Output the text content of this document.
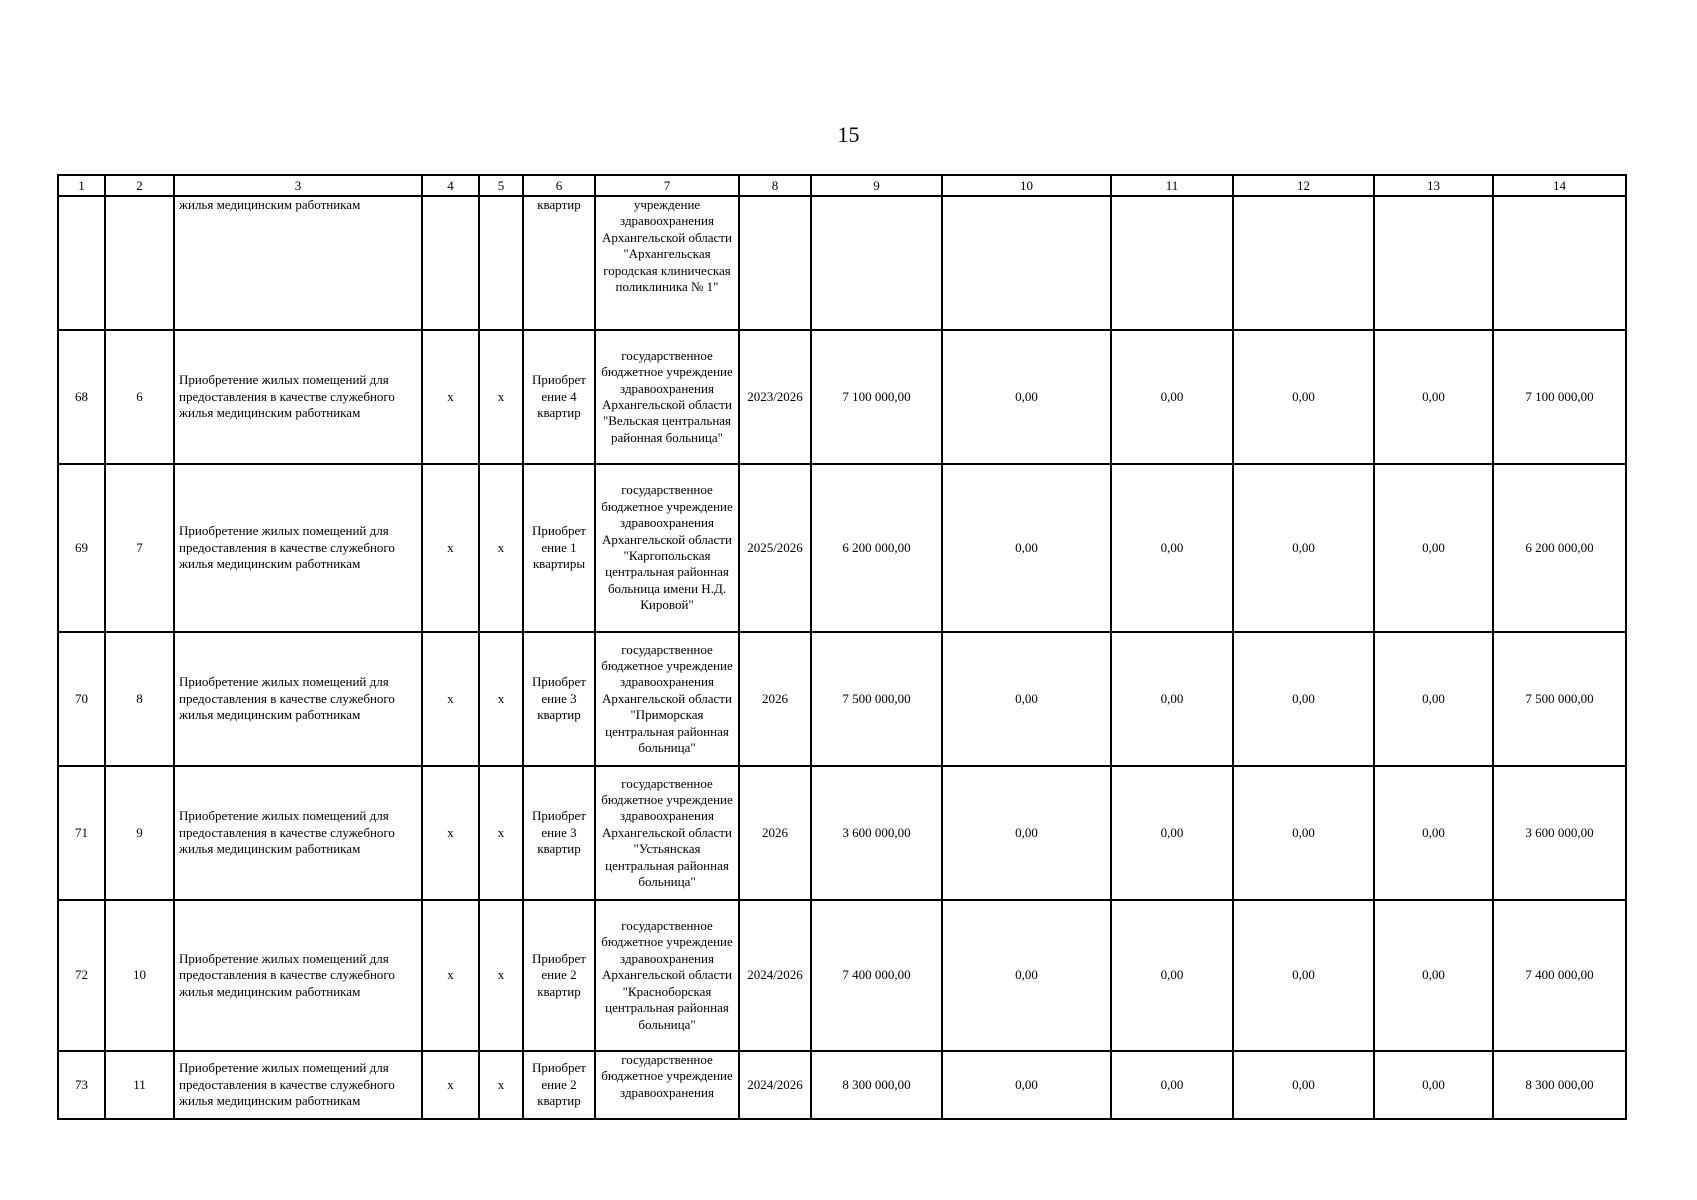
15
1	2	3	4	5	6	7	8	9	10	11	12	13	14
		жилья медицинским работникам			квартир	учреждение здравоохранения Архангельской области "Архангельская городская клиническая поликлиника № 1"							
68	6	Приобретение жилых помещений для предоставления в качестве служебного жилья медицинским работникам	х	х	Приобрет ение 4 квартир	государственное бюджетное учреждение здравоохранения Архангельской области "Вельская центральная районная больница"	2023/2026	7 100 000,00	0,00	0,00	0,00	0,00	7 100 000,00
69	7	Приобретение жилых помещений для предоставления в качестве служебного жилья медицинским работникам	х	х	Приобрет ение 1 квартиры	государственное бюджетное учреждение здравоохранения Архангельской области "Каргопольская центральная районная больница имени Н.Д. Кировой"	2025/2026	6 200 000,00	0,00	0,00	0,00	0,00	6 200 000,00
70	8	Приобретение жилых помещений для предоставления в качестве служебного жилья медицинским работникам	х	х	Приобрет ение 3 квартир	государственное бюджетное учреждение здравоохранения Архангельской области "Приморская центральная районная больница"	2026	7 500 000,00	0,00	0,00	0,00	0,00	7 500 000,00
71	9	Приобретение жилых помещений для предоставления в качестве служебного жилья медицинским работникам	х	х	Приобрет ение 3 квартир	государственное бюджетное учреждение здравоохранения Архангельской области "Устьянская центральная районная больница"	2026	3 600 000,00	0,00	0,00	0,00	0,00	3 600 000,00
72	10	Приобретение жилых помещений для предоставления в качестве служебного жилья медицинским работникам	х	х	Приобрет ение 2 квартир	государственное бюджетное учреждение здравоохранения Архангельской области "Красноборская центральная районная больница"	2024/2026	7 400 000,00	0,00	0,00	0,00	0,00	7 400 000,00
73	11	Приобретение жилых помещений для предоставления в качестве служебного жилья медицинским работникам	х	х	Приобрет ение 2 квартир	государственное бюджетное учреждение здравоохранения	2024/2026	8 300 000,00	0,00	0,00	0,00	0,00	8 300 000,00
